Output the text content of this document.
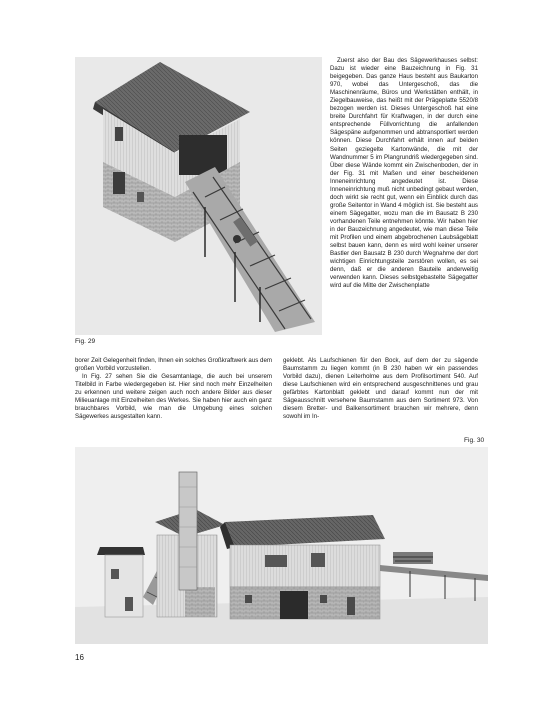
Fig. 29

Zuerst also der Bau des Sägewerkhauses selbst: Dazu ist wieder eine Bauzeichnung in Fig. 31 beigegeben. Das ganze Haus besteht aus Baukarton 970, wobei das Untergeschoß, das die Maschinenräume, Büros und Werkstätten enthält, in Ziegelbauweise, das heißt mit der Prägeplatte 5520/8 bezogen werden ist. Dieses Untergeschoß hat eine breite Durchfahrt für Kraftwagen, in der durch eine entsprechende Füllvorrichtung die anfallenden Sägespäne aufgenommen und abtransportiert werden können. Diese Durchfahrt erhält innen auf beiden Seiten geziegelte Kartonwände, die mit der Wandnummer 5 im Plangrundriß wiedergegeben sind. Über diese Wände kommt ein Zwischenboden, der in der Fig. 31 mit Maßen und einer bescheidenen Inneneinrichtung angedeutet ist. Diese Inneneinrichtung muß nicht unbedingt gebaut werden, doch wirkt sie recht gut, wenn ein Einblick durch das große Seitentor in Wand 4 möglich ist. Sie besteht aus einem Sägegatter, wozu man die im Bausatz B 230 vorhandenen Teile entnehmen könnte. Wir haben hier in der Bauzeichnung angedeutet, wie man diese Teile mit Profilen und einem abgebrochenen Laubsägeblatt selbst bauen kann, denn es wird wohl keiner unserer Bastler den Bausatz B 230 durch Wegnahme der dort wichtigen Einrichtungsteile zerstören wollen, es sei denn, daß er die anderen Bauteile anderweitig verwenden kann. Dieses selbstgebastelte Sägegatter wird auf die Mitte der Zwischenplatte

borer Zeit Gelegenheit finden, Ihnen ein solches Großkraftwerk aus dem großen Vorbild vorzustellen.

In Fig. 27 sehen Sie die Gesamtanlage, die auch bei unserem Titelbild in Farbe wiedergegeben ist. Hier sind noch mehr Einzelheiten zu erkennen und weitere zeigen auch noch andere Bilder aus dieser Milieuanlage mit Einzelheiten des Werkes. Sie haben hier auch ein ganz brauchbares Vorbild, wie man die Umgebung eines solchen Sägewerkes ausgestalten kann.

geklebt. Als Laufschienen für den Bock, auf dem der zu sägende Baumstamm zu liegen kommt (in B 230 haben wir ein passendes Vorbild dazu), dienen Leiterholme aus dem Profilsortiment 540. Auf diese Laufschienen wird ein entsprechend ausgeschnittenes und grau gefärbtes Kartonblatt geklebt und darauf kommt nun der mit Sägeausschnitt versehene Baumstamm aus dem Sortiment 973. Von diesem Bretter- und Balkensortiment brauchen wir mehrere, denn sowohl im In-

Fig. 30
16
